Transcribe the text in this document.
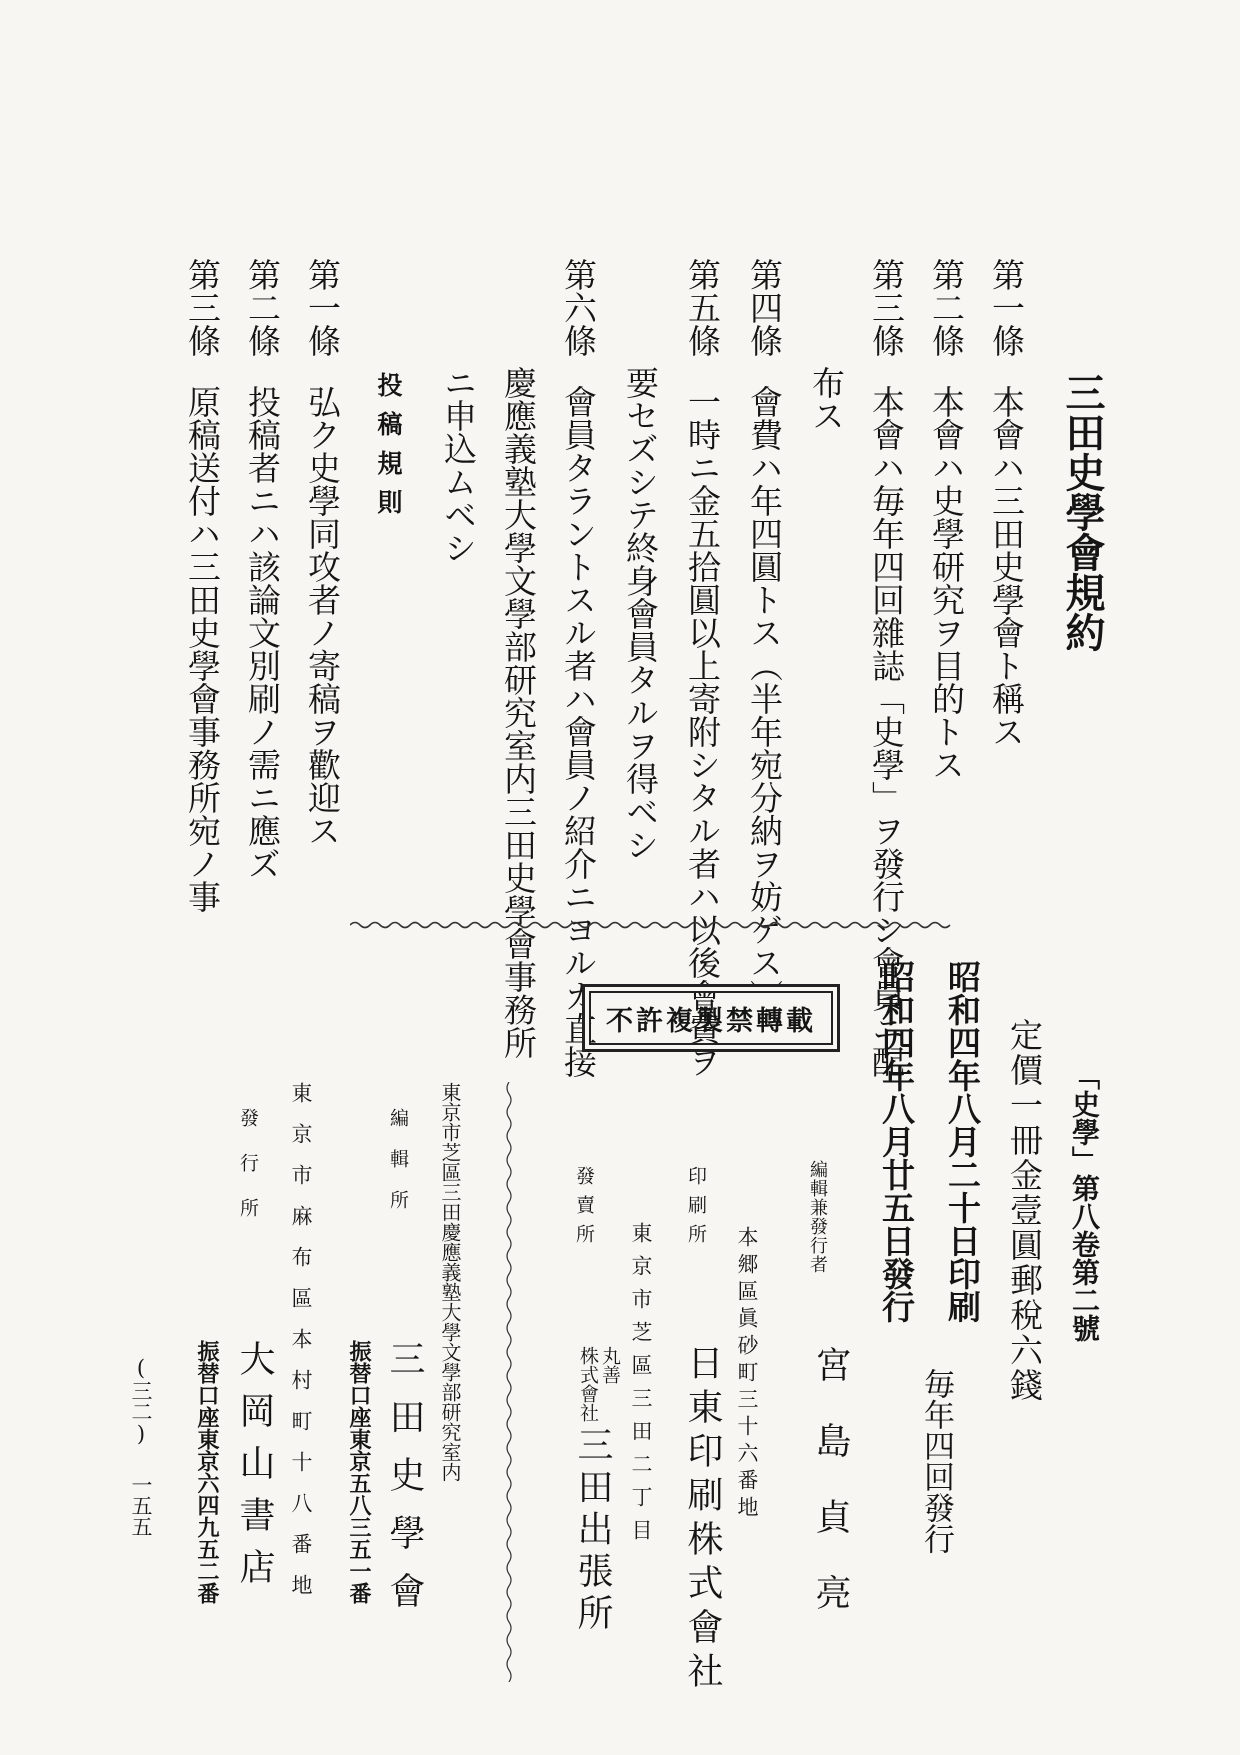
三田史學會規約
第一條本會ハ三田史學會ト稱ス
第二條本會ハ史學研究ヲ目的トス
第三條本會ハ毎年四回雜誌「史學」ヲ發行シ會員ニ配
布ス
第四條會費ハ年四圓トス（半年宛分納ヲ妨ゲス）
第五條一時ニ金五拾圓以上寄附シタル者ハ以後會費ヲ
要セズシテ終身會員タルヲ得ベシ
第六條會員タラントスル者ハ會員ノ紹介ニヨルカ直接
慶應義塾大學文學部研究室内三田史學會事務所
ニ申込ムベシ
投稿規則
第一條弘ク史學同攻者ノ寄稿ヲ歡迎ス
第二條投稿者ニハ該論文別刷ノ需ニ應ズ
第三條原稿送付ハ三田史學會事務所宛ノ事
「史學」第八卷第二號
定價一冊金壹圓郵稅六錢
昭和四年八月二十日印刷
昭和四年八月廿五日發行
毎年四回發行
不許複製禁轉載
編輯兼發行者
宮島貞亮
本郷區眞砂町三十六番地
印刷所
日東印刷株式會社
東京市芝區三田二丁目
發賣所
丸善
株式會社
三田出張所
東京市芝區三田慶應義塾大學文學部研究室内
編輯所
三田史學會
振替口座東京五八三五一番
東京市麻布區本村町十八番地
發行所
大岡山書店
振替口座東京六四九五二番
(三二)
一五五
